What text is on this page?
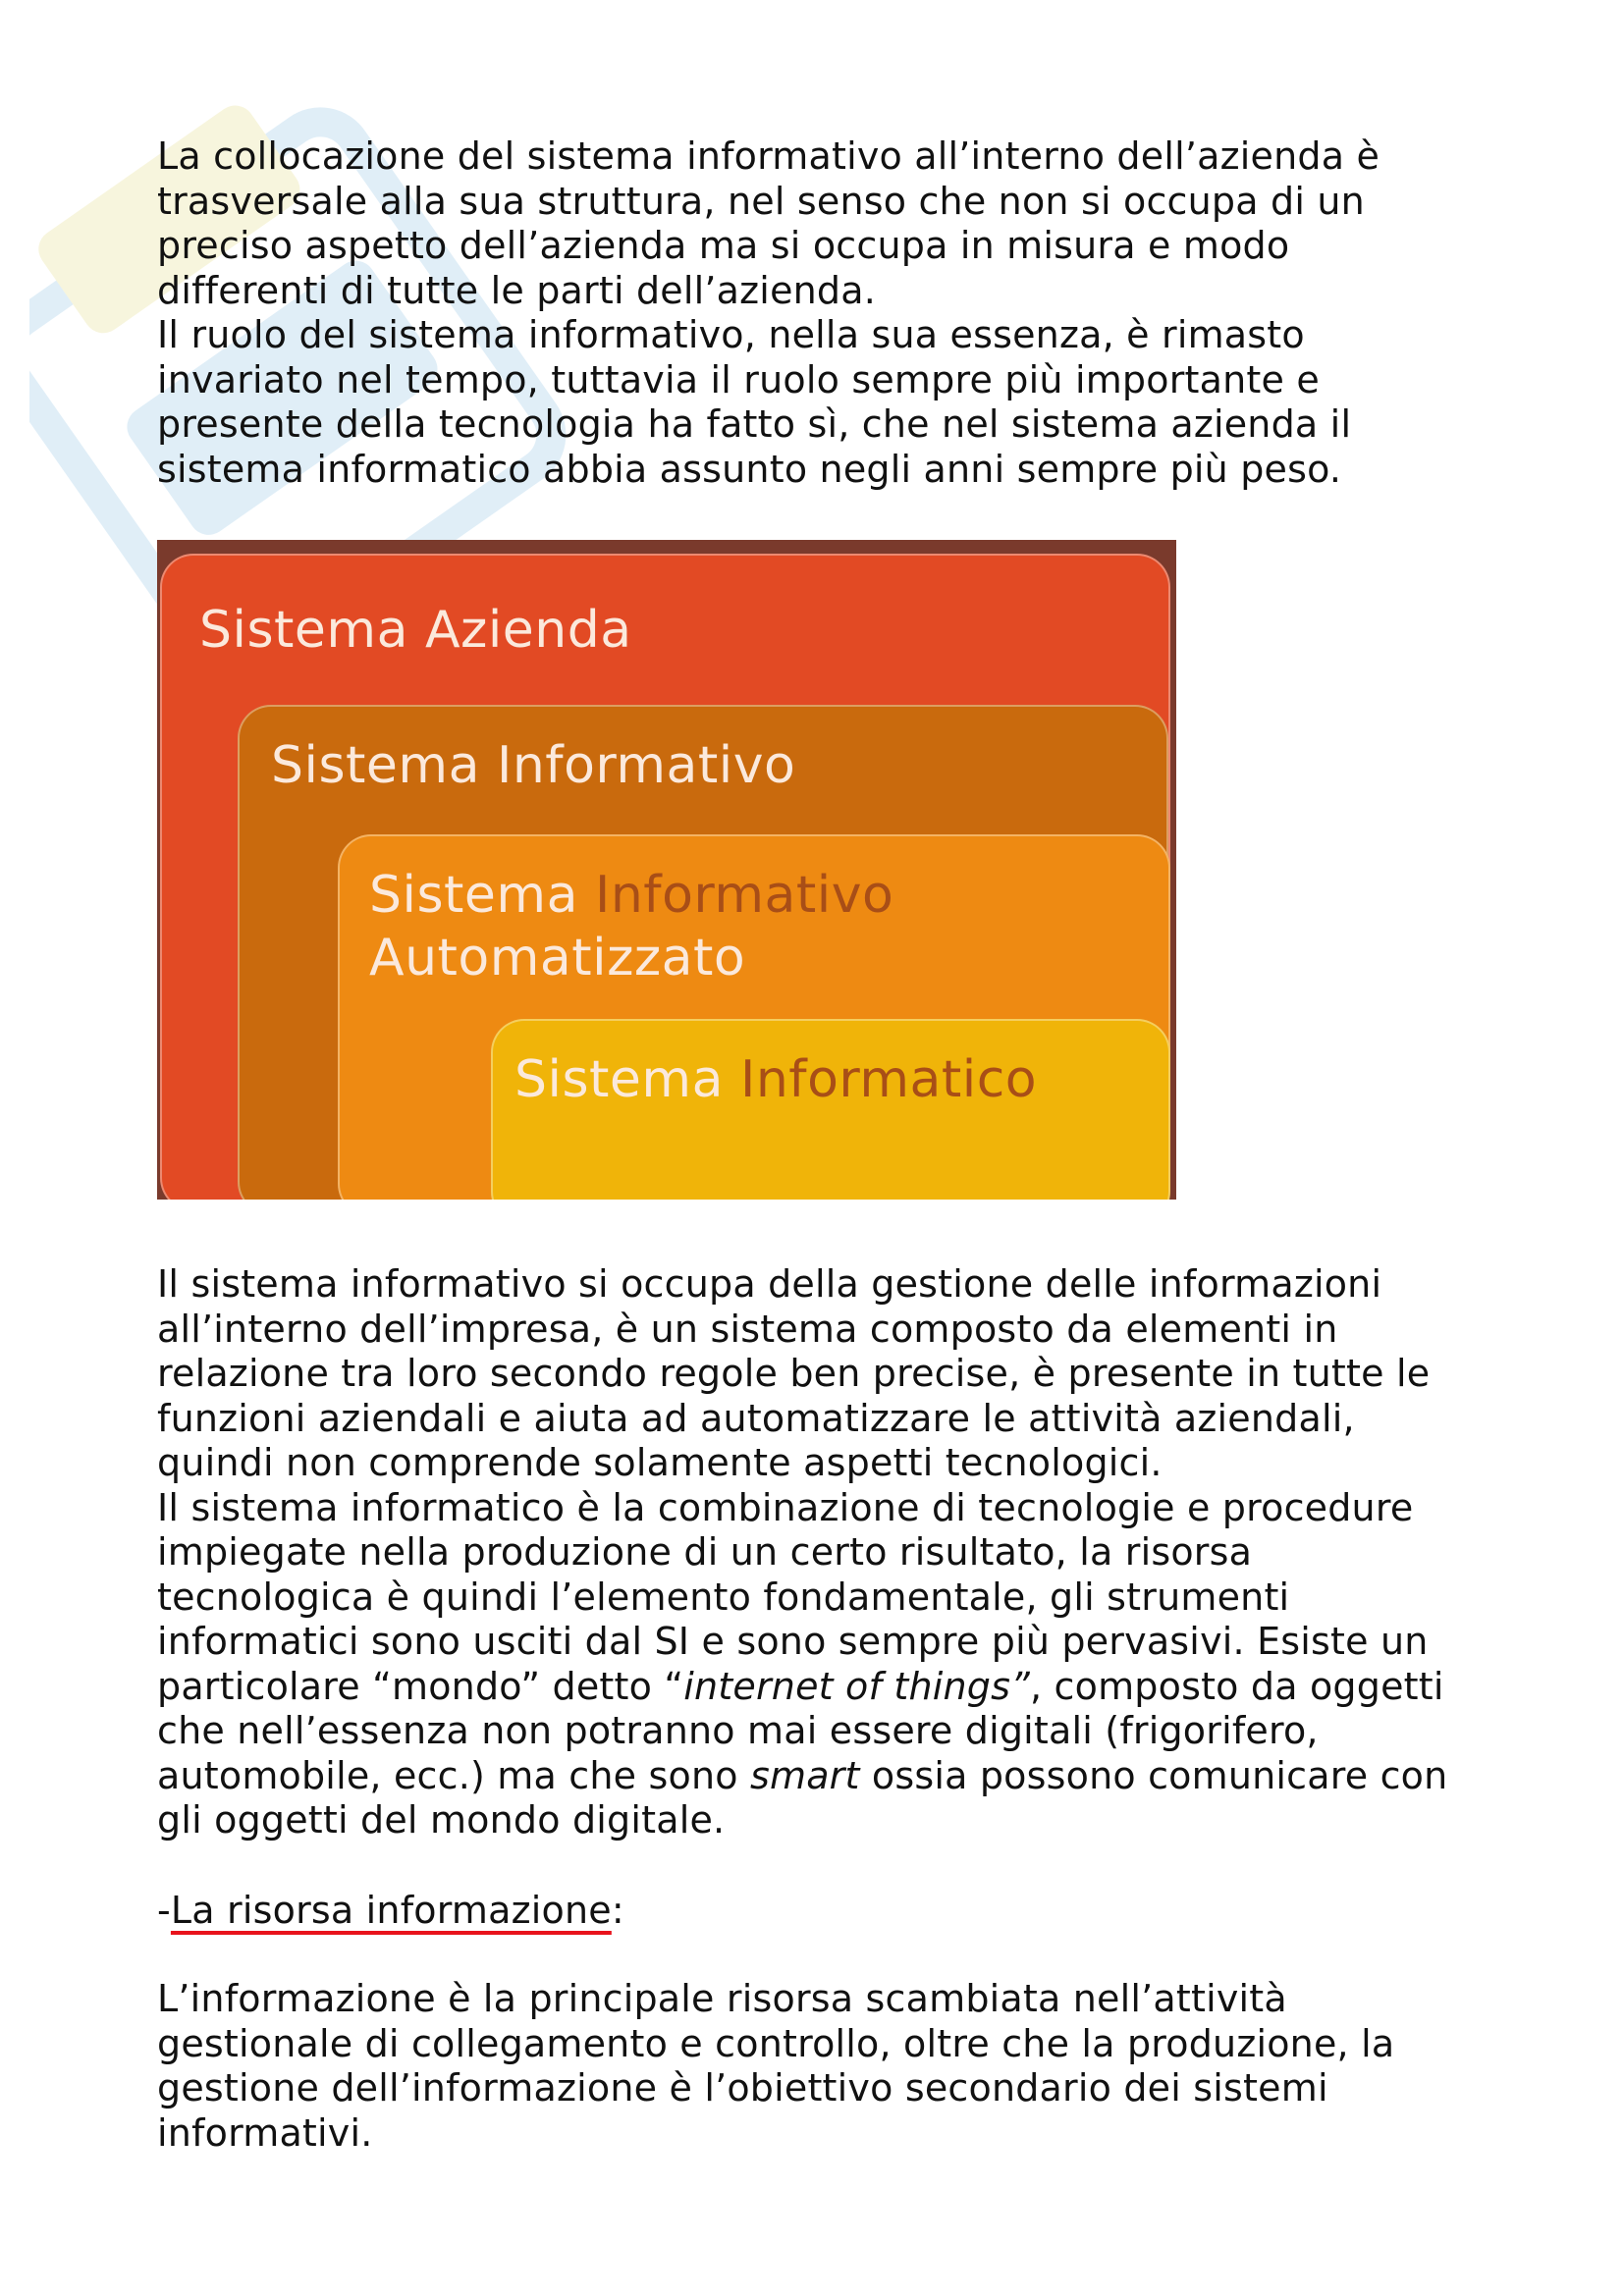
La collocazione del sistema informativo all’interno dell’azienda è

trasversale alla sua struttura, nel senso che non si occupa di un

preciso aspetto dell’azienda ma si occupa in misura e modo

differenti di tutte le parti dell’azienda.

Il ruolo del sistema informativo, nella sua essenza, è rimasto

invariato nel tempo, tuttavia il ruolo sempre più importante e

presente della tecnologia ha fatto sì, che nel sistema azienda il

sistema informatico abbia assunto negli anni sempre più peso.

Sistema Azienda
Sistema Informativo
Sistema Informativo
Automatizzato
Sistema Informatico

Il sistema informativo si occupa della gestione delle informazioni

all’interno dell’impresa, è un sistema composto da elementi in

relazione tra loro secondo regole ben precise, è presente in tutte le

funzioni aziendali e aiuta ad automatizzare le attività aziendali,

quindi non comprende solamente aspetti tecnologici.

Il sistema informatico è la combinazione di tecnologie e procedure

impiegate nella produzione di un certo risultato, la risorsa

tecnologica è quindi l’elemento fondamentale, gli strumenti

informatici sono usciti dal SI e sono sempre più pervasivi. Esiste un

particolare “mondo” detto “internet of things”, composto da oggetti

che nell’essenza non potranno mai essere digitali (frigorifero,

automobile, ecc.) ma che sono smart ossia possono comunicare con

gli oggetti del mondo digitale.

-La risorsa informazione:

L’informazione è la principale risorsa scambiata nell’attività

gestionale di collegamento e controllo, oltre che la produzione, la

gestione dell’informazione è l’obiettivo secondario dei sistemi

informativi.
